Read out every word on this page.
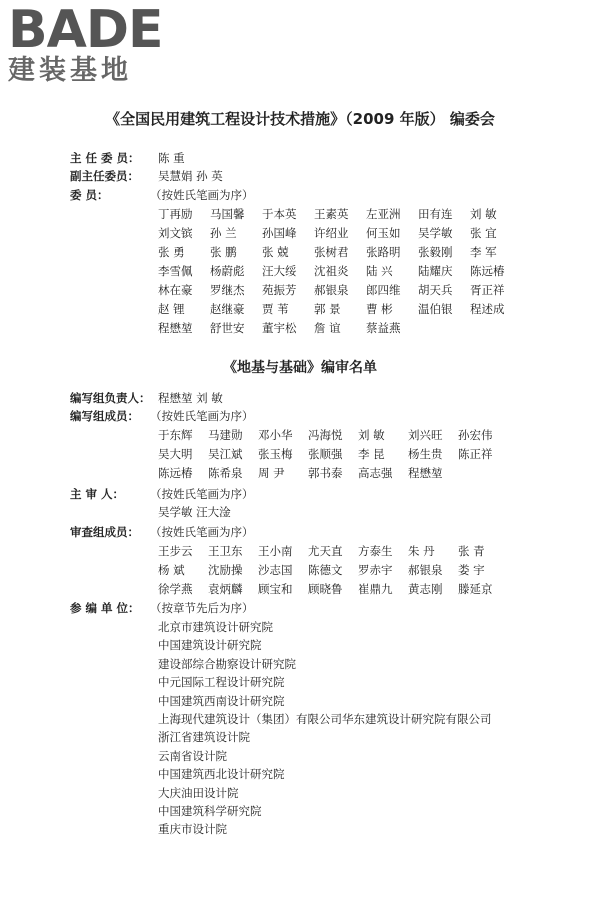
BADE
建装基地
《全国民用建筑工程设计技术措施》（2009 年版） 编委会
主 任 委 员： 陈 重
副主任委员： 吴慧娟 孙 英
委 员：	（按姓氏笔画为序）
丁再励 马国馨 于本英 王素英 左亚洲 田有连 刘 敏
刘文镔 孙 兰 孙国峰 许绍业 何玉如 吴学敏 张 宜
张 勇 张 鹏 张 兢 张树君 张路明 张毅刚 李 军
李雪佩 杨蔚彪 汪大绥 沈祖炎 陆 兴 陆耀庆 陈远椿
林在豪 罗继杰 苑振芳 郝银泉 郎四维 胡天兵 胥正祥
赵 锂 赵继豪 贾 苇 郭 景 曹 彬 温伯银 程述成
程懋堃 舒世安 董宇松 詹 谊 蔡益燕
《地基与基础》编审名单
编写组负责人： 程懋堃 刘 敏
编写组成员： （按姓氏笔画为序）
于东辉 马建勋 邓小华 冯海悦 刘 敏 刘兴旺 孙宏伟
吴大明 吴江斌 张玉梅 张顺强 李 昆 杨生贵 陈正祥
陈远椿 陈希泉 周 尹 郭书泰 高志强 程懋堃
主 审 人： （按姓氏笔画为序）
吴学敏 汪大淦
审查组成员： （按姓氏笔画为序）
王步云 王卫东 王小南 尤天直 方泰生 朱 丹 张 青
杨 斌 沈励操 沙志国 陈德文 罗赤宇 郝银泉 娄 宇
徐学燕 袁炳麟 顾宝和 顾晓鲁 崔鼎九 黄志刚 滕延京
参 编 单 位： （按章节先后为序）
北京市建筑设计研究院
中国建筑设计研究院
建设部综合勘察设计研究院
中元国际工程设计研究院
中国建筑西南设计研究院
上海现代建筑设计（集团）有限公司华东建筑设计研究院有限公司
浙江省建筑设计院
云南省设计院
中国建筑西北设计研究院
大庆油田设计院
中国建筑科学研究院
重庆市设计院
